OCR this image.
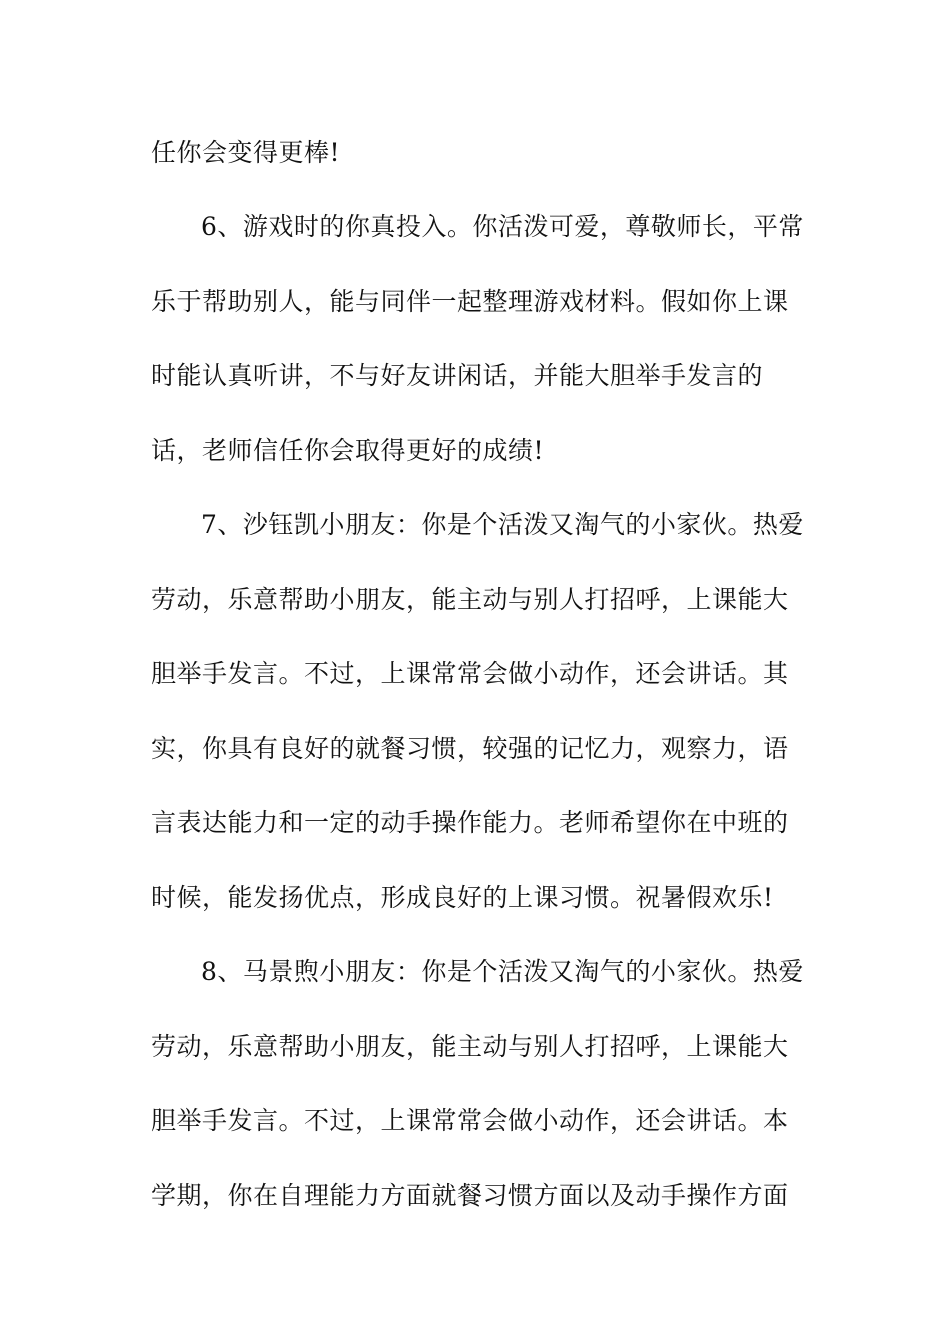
任你会变得更棒!
6、游戏时的你真投入。你活泼可爱，尊敬师长，平常
乐于帮助别人，能与同伴一起整理游戏材料。假如你上课
时能认真听讲，不与好友讲闲话，并能大胆举手发言的
话，老师信任你会取得更好的成绩!
7、沙钰凯小朋友：你是个活泼又淘气的小家伙。热爱
劳动，乐意帮助小朋友，能主动与别人打招呼，上课能大
胆举手发言。不过，上课常常会做小动作，还会讲话。其
实，你具有良好的就餐习惯，较强的记忆力，观察力，语
言表达能力和一定的动手操作能力。老师希望你在中班的
时候，能发扬优点，形成良好的上课习惯。祝暑假欢乐!
8、马景煦小朋友：你是个活泼又淘气的小家伙。热爱
劳动，乐意帮助小朋友，能主动与别人打招呼，上课能大
胆举手发言。不过，上课常常会做小动作，还会讲话。本
学期，你在自理能力方面就餐习惯方面以及动手操作方面
